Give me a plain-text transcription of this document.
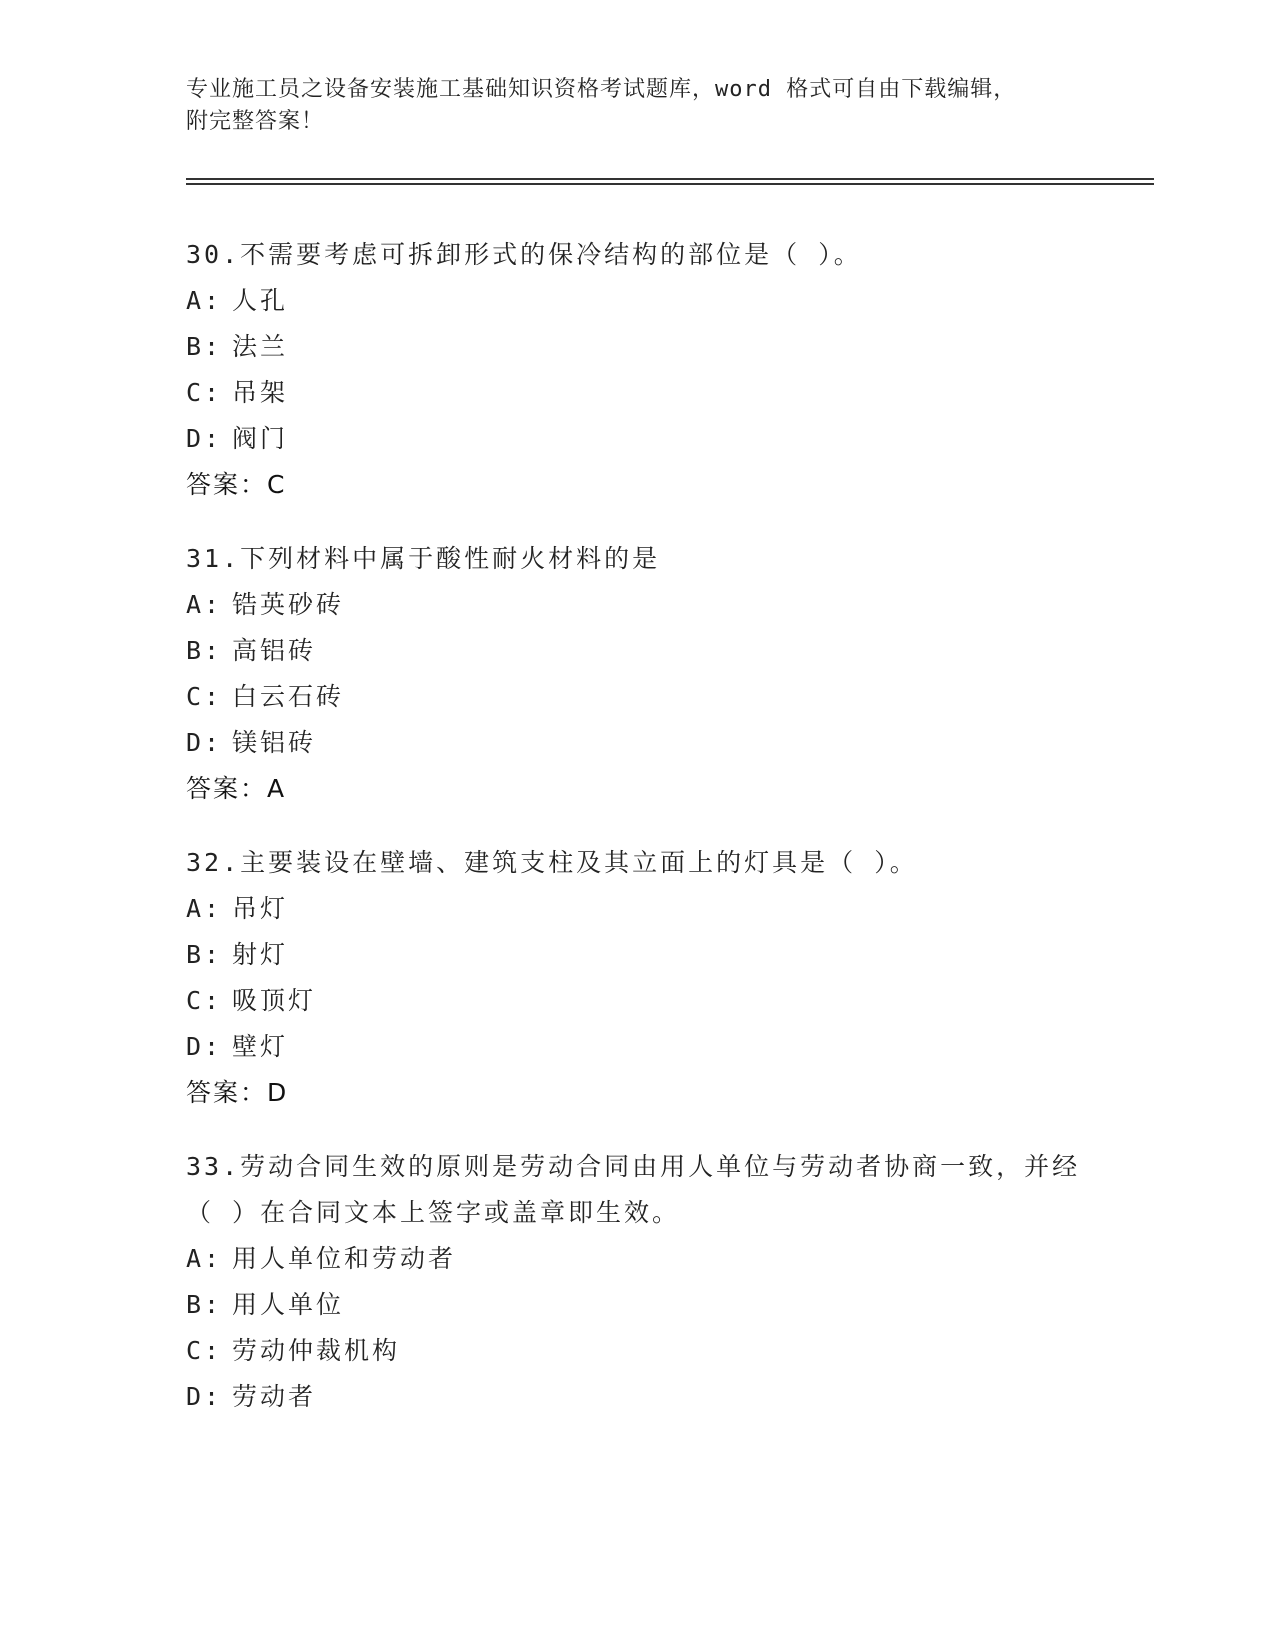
专业施工员之设备安装施工基础知识资格考试题库，word 格式可自由下载编辑，
附完整答案！

30.不需要考虑可拆卸形式的保冷结构的部位是（ ）。

A: 人孔

B: 法兰

C: 吊架

D: 阀门

答案：C

31.下列材料中属于酸性耐火材料的是

A: 锆英砂砖

B: 高铝砖

C: 白云石砖

D: 镁铝砖

答案：A

32.主要装设在壁墙、建筑支柱及其立面上的灯具是（ ）。

A: 吊灯

B: 射灯

C: 吸顶灯

D: 壁灯

答案：D

33.劳动合同生效的原则是劳动合同由用人单位与劳动者协商一致，并经（ ）在合同文本上签字或盖章即生效。

A: 用人单位和劳动者

B: 用人单位

C: 劳动仲裁机构

D: 劳动者
